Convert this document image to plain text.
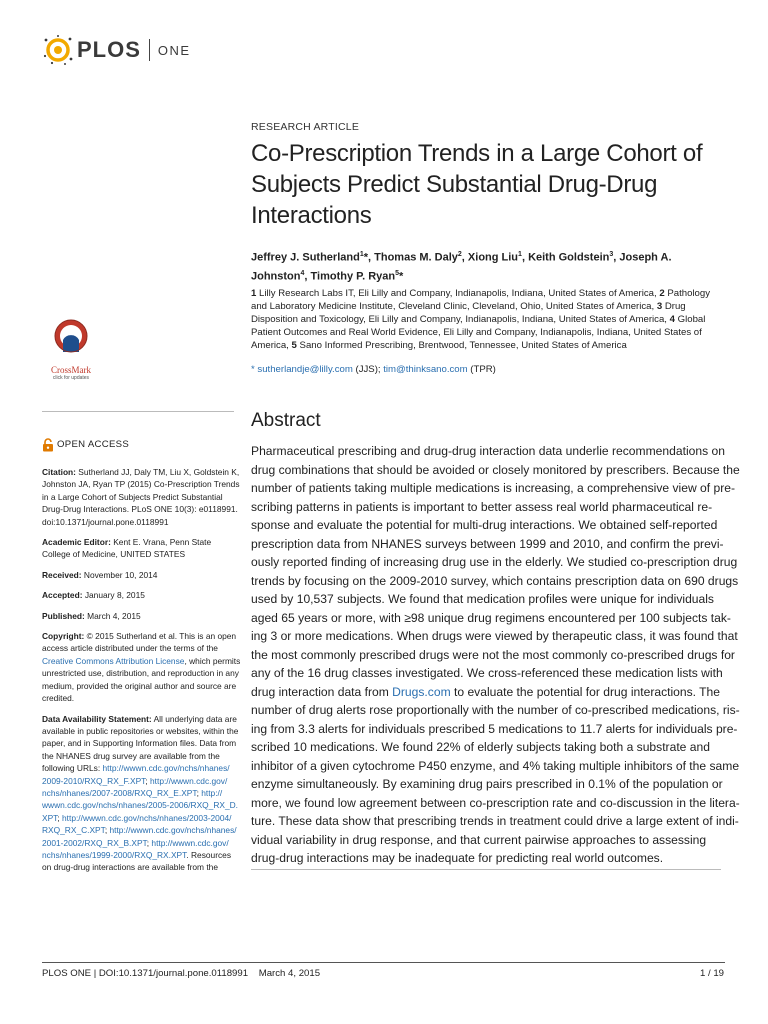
PLOS ONE
CrossMark
click for updates
RESEARCH ARTICLE
Co-Prescription Trends in a Large Cohort of Subjects Predict Substantial Drug-Drug Interactions
Jeffrey J. Sutherland$^1$*, Thomas M. Daly$^2$, Xiong Liu$^1$, Keith Goldstein$^3$, Joseph A. Johnston$^4$, Timothy P. Ryan$^5$*
1 Lilly Research Labs IT, Eli Lilly and Company, Indianapolis, Indiana, United States of America, 2 Pathology and Laboratory Medicine Institute, Cleveland Clinic, Cleveland, Ohio, United States of America, 3 Drug Disposition and Toxicology, Eli Lilly and Company, Indianapolis, Indiana, United States of America, 4 Global Patient Outcomes and Real World Evidence, Eli Lilly and Company, Indianapolis, Indiana, United States of America, 5 Sano Informed Prescribing, Brentwood, Tennessee, United States of America
* sutherlandje@lilly.com (JJS); tim@thinksano.com (TPR)
Abstract

Pharmaceutical prescribing and drug-drug interaction data underlie recommendations on
drug combinations that should be avoided or closely monitored by prescribers. Because the
number of patients taking multiple medications is increasing, a comprehensive view of pre-
scribing patterns in patients is important to better assess real world pharmaceutical re-
sponse and evaluate the potential for multi-drug interactions. We obtained self-reported
prescription data from NHANES surveys between 1999 and 2010, and confirm the previ-
ously reported finding of increasing drug use in the elderly. We studied co-prescription drug
trends by focusing on the 2009-2010 survey, which contains prescription data on 690 drugs
used by 10,537 subjects. We found that medication profiles were unique for individuals
aged 65 years or more, with ≥98 unique drug regimens encountered per 100 subjects tak-
ing 3 or more medications. When drugs were viewed by therapeutic class, it was found that
the most commonly prescribed drugs were not the most commonly co-prescribed drugs for
any of the 16 drug classes investigated. We cross-referenced these medication lists with
drug interaction data from Drugs.com to evaluate the potential for drug interactions. The
number of drug alerts rose proportionally with the number of co-prescribed medications, ris-
ing from 3.3 alerts for individuals prescribed 5 medications to 11.7 alerts for individuals pre-
scribed 10 medications. We found 22% of elderly subjects taking both a substrate and
inhibitor of a given cytochrome P450 enzyme, and 4% taking multiple inhibitors of the same
enzyme simultaneously. By examining drug pairs prescribed in 0.1% of the population or
more, we found low agreement between co-prescription rate and co-discussion in the litera-
ture. These data show that prescribing trends in treatment could drive a large extent of indi-
vidual variability in drug response, and that current pairwise approaches to assessing
drug-drug interactions may be inadequate for predicting real world outcomes.

OPEN ACCESS
Citation: Sutherland JJ, Daly TM, Liu X, Goldstein K,
Johnston JA, Ryan TP (2015) Co-Prescription Trends
in a Large Cohort of Subjects Predict Substantial
Drug-Drug Interactions. PLoS ONE 10(3): e0118991.
doi:10.1371/journal.pone.0118991
Academic Editor: Kent E. Vrana, Penn State
College of Medicine, UNITED STATES
Received: November 10, 2014
Accepted: January 8, 2015
Published: March 4, 2015
Copyright: © 2015 Sutherland et al. This is an open
access article distributed under the terms of the
Creative Commons Attribution License, which permits
unrestricted use, distribution, and reproduction in any
medium, provided the original author and source are
credited.
Data Availability Statement: All underlying data are
available in public repositories or websites, within the
paper, and in Supporting Information files. Data from
the NHANES drug survey are available from the
following URLs: http://wwwn.cdc.gov/nchs/nhanes/
2009-2010/RXQ_RX_F.XPT; http://wwwn.cdc.gov/
nchs/nhanes/2007-2008/RXQ_RX_E.XPT; http://
wwwn.cdc.gov/nchs/nhanes/2005-2006/RXQ_RX_D.
XPT; http://wwwn.cdc.gov/nchs/nhanes/2003-2004/
RXQ_RX_C.XPT; http://wwwn.cdc.gov/nchs/nhanes/
2001-2002/RXQ_RX_B.XPT; http://wwwn.cdc.gov/
nchs/nhanes/1999-2000/RXQ_RX.XPT. Resources
on drug-drug interactions are available from the
PLOS ONE | DOI:10.1371/journal.pone.0118991    March 4, 2015	1 / 19
